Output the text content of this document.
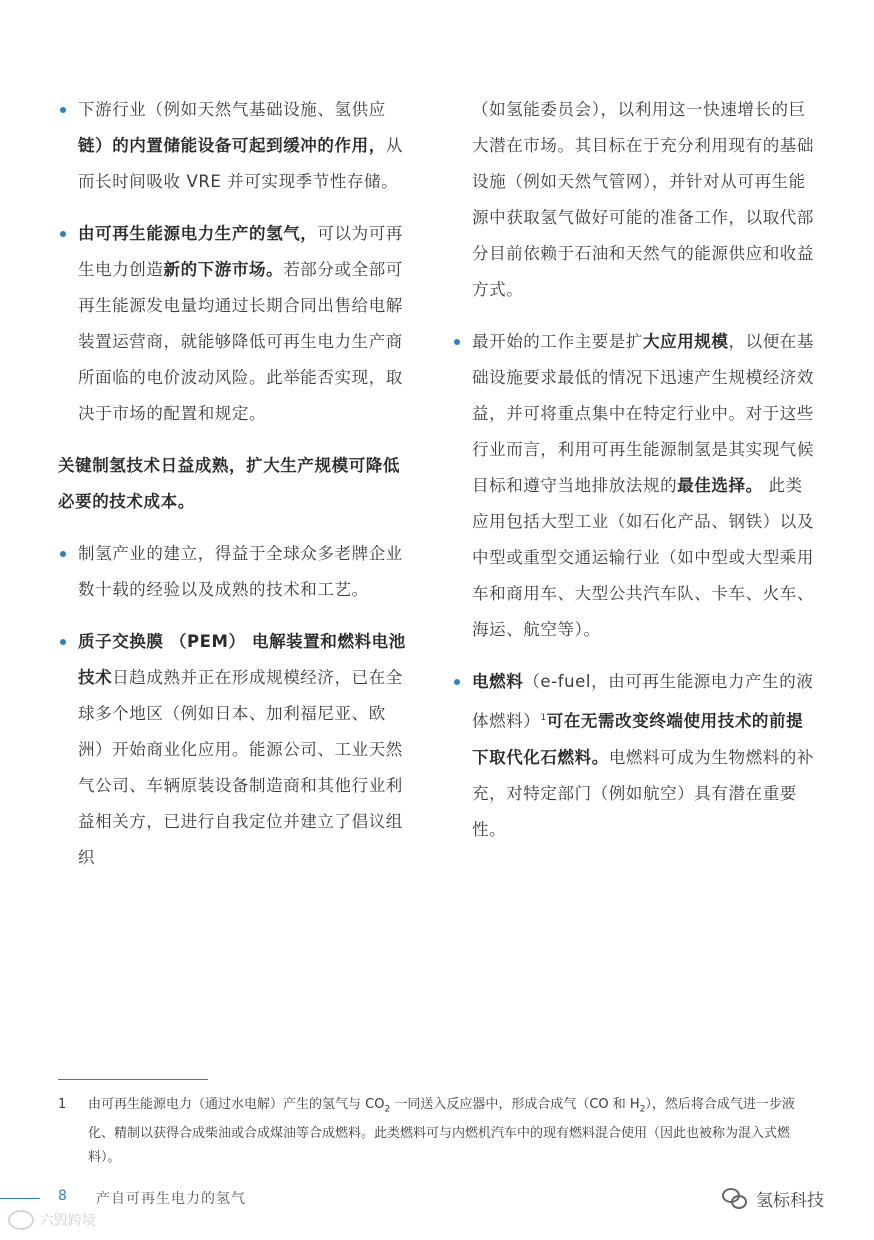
下游行业（例如天然气基础设施、氢供应链）的内置储能设备可起到缓冲的作用，从而长时间吸收 VRE 并可实现季节性存储。
由可再生能源电力生产的氢气，可以为可再生电力创造新的下游市场。若部分或全部可再生能源发电量均通过长期合同出售给电解装置运营商，就能够降低可再生电力生产商所面临的电价波动风险。此举能否实现，取决于市场的配置和规定。
关键制氢技术日益成熟，扩大生产规模可降低必要的技术成本。
制氢产业的建立，得益于全球众多老牌企业数十载的经验以及成熟的技术和工艺。
质子交换膜 （PEM） 电解装置和燃料电池技术日趋成熟并正在形成规模经济，已在全球多个地区（例如日本、加利福尼亚、欧洲）开始商业化应用。能源公司、工业天然气公司、车辆原装设备制造商和其他行业利益相关方，已进行自我定位并建立了倡议组织
（如氢能委员会），以利用这一快速增长的巨大潜在市场。其目标在于充分利用现有的基础设施（例如天然气管网），并针对从可再生能源中获取氢气做好可能的准备工作，以取代部分目前依赖于石油和天然气的能源供应和收益方式。
最开始的工作主要是扩大应用规模，以便在基础设施要求最低的情况下迅速产生规模经济效益，并可将重点集中在特定行业中。对于这些行业而言，利用可再生能源制氢是其实现气候目标和遵守当地排放法规的最佳选择。 此类应用包括大型工业（如石化产品、钢铁）以及中型或重型交通运输行业（如中型或大型乘用车和商用车、大型公共汽车队、卡车、火车、海运、航空等）。
电燃料（e-fuel，由可再生能源电力产生的液体燃料）$^1$可在无需改变终端使用技术的前提下取代化石燃料。电燃料可成为生物燃料的补充，对特定部门（例如航空）具有潜在重要性。
1	由可再生能源电力（通过水电解）产生的氢气与 $CO_2$ 一同送入反应器中，形成合成气（CO 和 $H_2$），然后将合成气进一步液化、精制以获得合成柴油或合成煤油等合成燃料。此类燃料可与内燃机汽车中的现有燃料混合使用（因此也被称为混入式燃料）。
8 产自可再生电力的氢气	氢标科技
六毁跨境
